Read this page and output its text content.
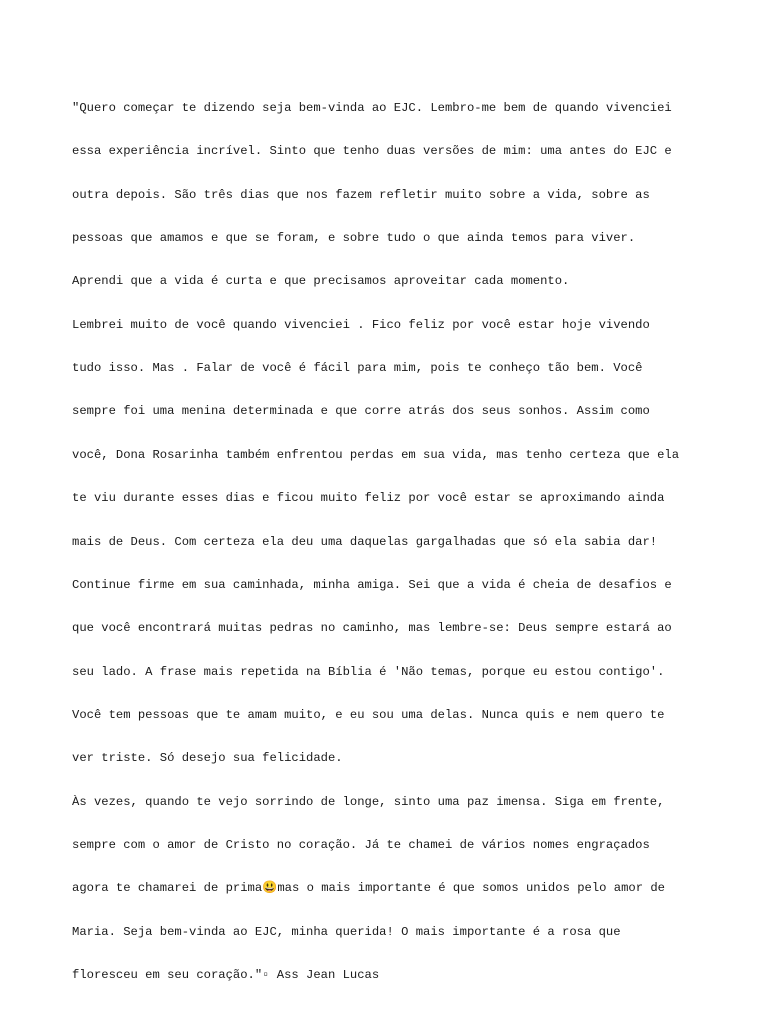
"Quero começar te dizendo seja bem-vinda ao EJC. Lembro-me bem de quando vivenciei

essa experiência incrível. Sinto que tenho duas versões de mim: uma antes do EJC e

outra depois. São três dias que nos fazem refletir muito sobre a vida, sobre as

pessoas que amamos e que se foram, e sobre tudo o que ainda temos para viver.

Aprendi que a vida é curta e que precisamos aproveitar cada momento.

Lembrei muito de você quando vivenciei . Fico feliz por você estar hoje vivendo

tudo isso. Mas . Falar de você é fácil para mim, pois te conheço tão bem. Você

sempre foi uma menina determinada e que corre atrás dos seus sonhos. Assim como

você, Dona Rosarinha também enfrentou perdas em sua vida, mas tenho certeza que ela

te viu durante esses dias e ficou muito feliz por você estar se aproximando ainda

mais de Deus. Com certeza ela deu uma daquelas gargalhadas que só ela sabia dar!

Continue firme em sua caminhada, minha amiga. Sei que a vida é cheia de desafios e

que você encontrará muitas pedras no caminho, mas lembre-se: Deus sempre estará ao

seu lado. A frase mais repetida na Bíblia é 'Não temas, porque eu estou contigo'.

Você tem pessoas que te amam muito, e eu sou uma delas. Nunca quis e nem quero te

ver triste. Só desejo sua felicidade.

Às vezes, quando te vejo sorrindo de longe, sinto uma paz imensa. Siga em frente,

sempre com o amor de Cristo no coração. Já te chamei de vários nomes engraçados

agora te chamarei de prima😃mas o mais importante é que somos unidos pelo amor de

Maria. Seja bem-vinda ao EJC, minha querida! O mais importante é a rosa que

floresceu em seu coração."▫ Ass Jean Lucas
